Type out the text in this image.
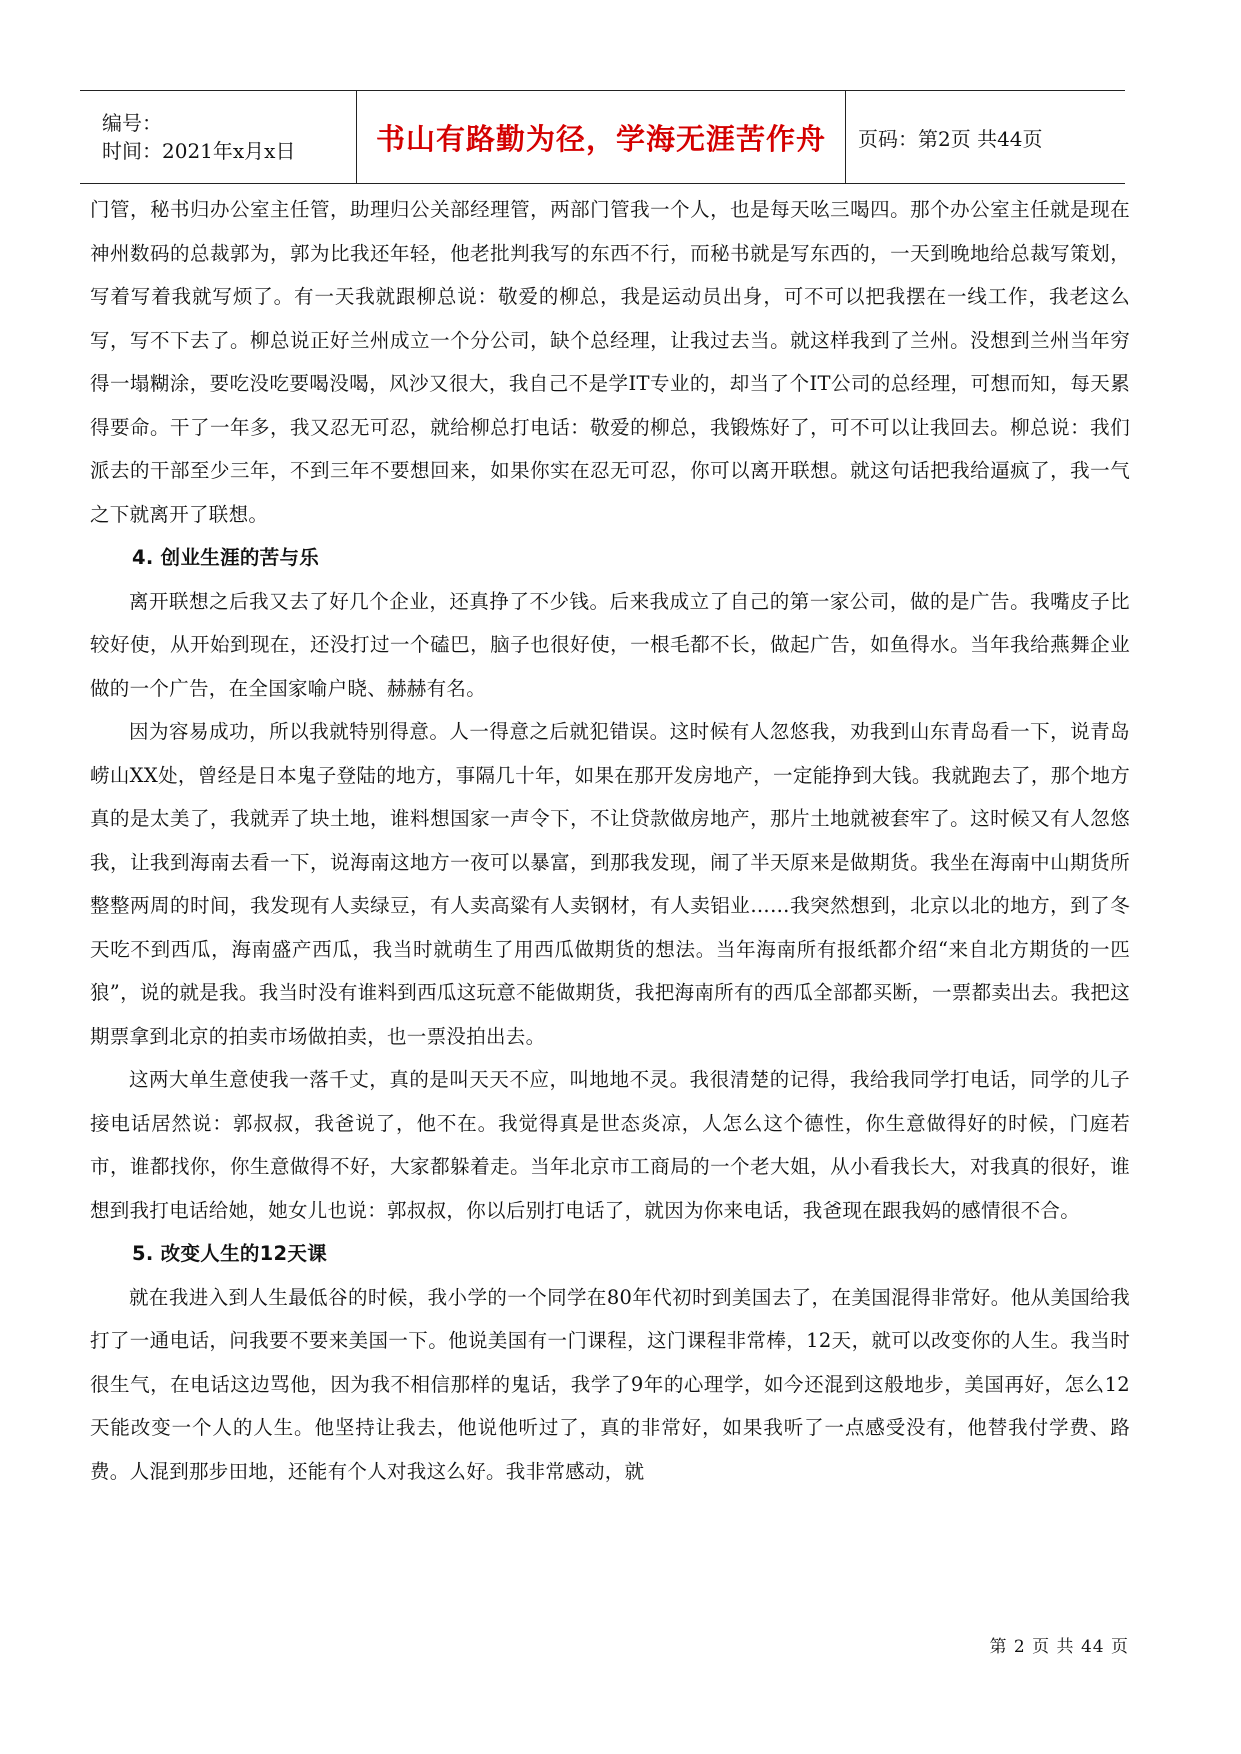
编号：
时间：2021年x月x日	书山有路勤为径，学海无涯苦作舟 页码：第2页 共44页

门管，秘书归办公室主任管，助理归公关部经理管，两部门管我一个人，也是每天吆三喝四。那个办公室主任就是现在神州数码的总裁郭为，郭为比我还年轻，他老批判我写的东西不行，而秘书就是写东西的，一天到晚地给总裁写策划，写着写着我就写烦了。有一天我就跟柳总说：敬爱的柳总，我是运动员出身，可不可以把我摆在一线工作，我老这么写，写不下去了。柳总说正好兰州成立一个分公司，缺个总经理，让我过去当。就这样我到了兰州。没想到兰州当年穷得一塌糊涂，要吃没吃要喝没喝，风沙又很大，我自己不是学IT专业的，却当了个IT公司的总经理，可想而知，每天累得要命。干了一年多，我又忍无可忍，就给柳总打电话：敬爱的柳总，我锻炼好了，可不可以让我回去。柳总说：我们派去的干部至少三年，不到三年不要想回来，如果你实在忍无可忍，你可以离开联想。就这句话把我给逼疯了，我一气之下就离开了联想。

4. 创业生涯的苦与乐

离开联想之后我又去了好几个企业，还真挣了不少钱。后来我成立了自己的第一家公司，做的是广告。我嘴皮子比较好使，从开始到现在，还没打过一个磕巴，脑子也很好使，一根毛都不长，做起广告，如鱼得水。当年我给燕舞企业做的一个广告，在全国家喻户晓、赫赫有名。

因为容易成功，所以我就特别得意。人一得意之后就犯错误。这时候有人忽悠我，劝我到山东青岛看一下，说青岛崂山XX处，曾经是日本鬼子登陆的地方，事隔几十年，如果在那开发房地产，一定能挣到大钱。我就跑去了，那个地方真的是太美了，我就弄了块土地，谁料想国家一声令下，不让贷款做房地产，那片土地就被套牢了。这时候又有人忽悠我，让我到海南去看一下，说海南这地方一夜可以暴富，到那我发现，闹了半天原来是做期货。我坐在海南中山期货所整整两周的时间，我发现有人卖绿豆，有人卖高粱有人卖钢材，有人卖铝业……我突然想到，北京以北的地方，到了冬天吃不到西瓜，海南盛产西瓜，我当时就萌生了用西瓜做期货的想法。当年海南所有报纸都介绍“来自北方期货的一匹狼”，说的就是我。我当时没有谁料到西瓜这玩意不能做期货，我把海南所有的西瓜全部都买断，一票都卖出去。我把这期票拿到北京的拍卖市场做拍卖，也一票没拍出去。

这两大单生意使我一落千丈，真的是叫天天不应，叫地地不灵。我很清楚的记得，我给我同学打电话，同学的儿子接电话居然说：郭叔叔，我爸说了，他不在。我觉得真是世态炎凉，人怎么这个德性，你生意做得好的时候，门庭若市，谁都找你，你生意做得不好，大家都躲着走。当年北京市工商局的一个老大姐，从小看我长大，对我真的很好，谁想到我打电话给她，她女儿也说：郭叔叔，你以后别打电话了，就因为你来电话，我爸现在跟我妈的感情很不合。

5. 改变人生的12天课

就在我进入到人生最低谷的时候，我小学的一个同学在80年代初时到美国去了，在美国混得非常好。他从美国给我打了一通电话，问我要不要来美国一下。他说美国有一门课程，这门课程非常棒，12天，就可以改变你的人生。我当时很生气，在电话这边骂他，因为我不相信那样的鬼话，我学了9年的心理学，如今还混到这般地步，美国再好，怎么12天能改变一个人的人生。他坚持让我去，他说他听过了，真的非常好，如果我听了一点感受没有，他替我付学费、路费。人混到那步田地，还能有个人对我这么好。我非常感动，就

第 2 页 共 44 页
